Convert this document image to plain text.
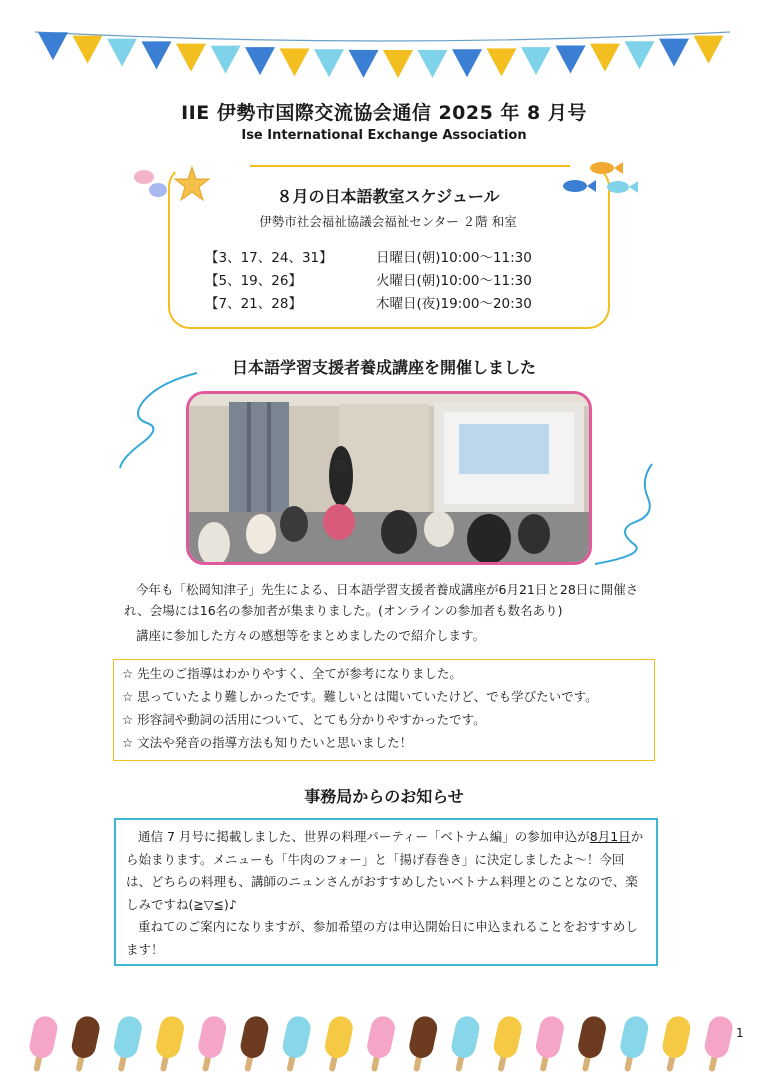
IIE 伊勢市国際交流協会通信 2025 年 8 月号
Ise International Exchange Association
８月の日本語教室スケジュール
伊勢市社会福祉協議会福祉センター ２階 和室
【3、17、24、31】	日曜日(朝)10:00～11:30
【5、19、26】	火曜日(朝)10:00～11:30
【7、21、28】	木曜日(夜)19:00～20:30
日本語学習支援者養成講座を開催しました
今年も「松岡知津子」先生による、日本語学習支援者養成講座が6月21日と28日に開催され、会場には16名の参加者が集まりました。(オンラインの参加者も数名あり)
講座に参加した方々の感想等をまとめましたので紹介します。
☆ 先生のご指導はわかりやすく、全てが参考になりました。
☆ 思っていたより難しかったです。難しいとは聞いていたけど、でも学びたいです。
☆ 形容詞や動詞の活用について、とても分かりやすかったです。
☆ 文法や発音の指導方法も知りたいと思いました！
事務局からのお知らせ
通信 7 月号に掲載しました、世界の料理パーティー「ベトナム編」の参加申込が8月1日から始まります。メニューも「牛肉のフォー」と「揚げ春巻き」に決定しましたよ～！今回は、どちらの料理も、講師のニュンさんがおすすめしたいベトナム料理とのことなので、楽しみですね(≧▽≦)♪
重ねてのご案内になりますが、参加希望の方は申込開始日に申込まれることをおすすめします！
1
